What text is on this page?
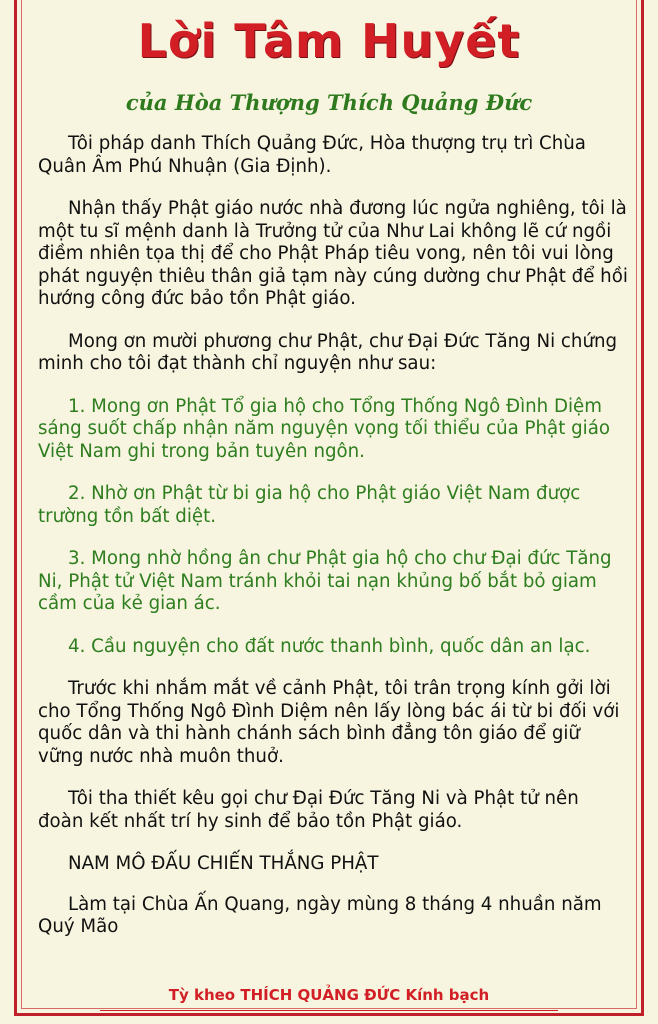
Lời Tâm Huyết
của Hòa Thượng Thích Quảng Đức

Tôi pháp danh Thích Quảng Đức, Hòa thượng trụ trì Chùa Quân Âm Phú Nhuận (Gia Định).

Nhận thấy Phật giáo nước nhà đương lúc ngửa nghiêng, tôi là một tu sĩ mệnh danh là Trưởng tử của Như Lai không lẽ cứ ngồi điềm nhiên tọa thị để cho Phật Pháp tiêu vong, nên tôi vui lòng phát nguyện thiêu thân giả tạm này cúng dường chư Phật để hồi hướng công đức bảo tồn Phật giáo.

Mong ơn mười phương chư Phật, chư Đại Đức Tăng Ni chứng minh cho tôi đạt thành chỉ nguyện như sau:

1. Mong ơn Phật Tổ gia hộ cho Tổng Thống Ngô Đình Diệm sáng suốt chấp nhận năm nguyện vọng tối thiểu của Phật giáo Việt Nam ghi trong bản tuyên ngôn.

2. Nhờ ơn Phật từ bi gia hộ cho Phật giáo Việt Nam được trường tồn bất diệt.

3. Mong nhờ hồng ân chư Phật gia hộ cho chư Đại đức Tăng Ni, Phật tử Việt Nam tránh khỏi tai nạn khủng bố bắt bỏ giam cầm của kẻ gian ác.

4. Cầu nguyện cho đất nước thanh bình, quốc dân an lạc.

Trước khi nhắm mắt về cảnh Phật, tôi trân trọng kính gởi lời cho Tổng Thống Ngô Đình Diệm nên lấy lòng bác ái từ bi đối với quốc dân và thi hành chánh sách bình đẳng tôn giáo để giữ vững nước nhà muôn thuở.

Tôi tha thiết kêu gọi chư Đại Đức Tăng Ni và Phật tử nên đoàn kết nhất trí hy sinh để bảo tồn Phật giáo.

NAM MÔ ĐẤU CHIẾN THẮNG PHẬT

Làm tại Chùa Ấn Quang, ngày mùng 8 tháng 4 nhuần năm Quý Mão

Tỳ kheo THÍCH QUẢNG ĐỨC Kính bạch
